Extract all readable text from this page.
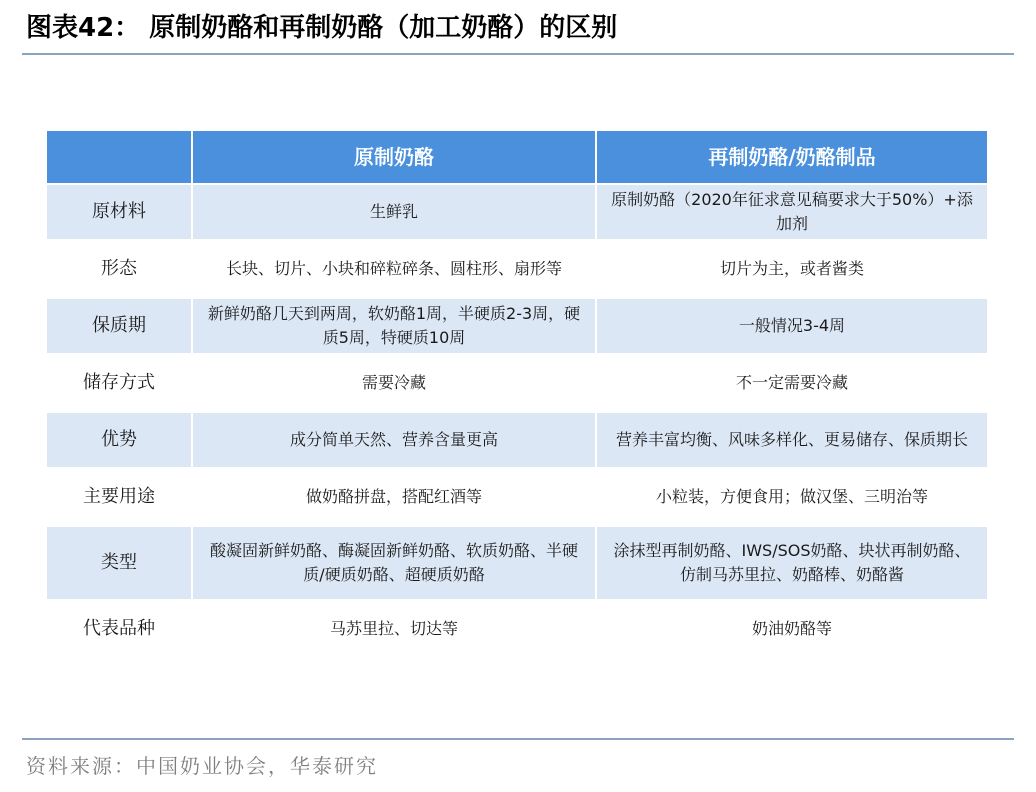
图表42： 原制奶酪和再制奶酪（加工奶酪）的区别
	原制奶酪	再制奶酪/奶酪制品
原材料	生鲜乳	原制奶酪（2020年征求意见稿要求大于50%）+添加剂
形态	长块、切片、小块和碎粒碎条、圆柱形、扇形等	切片为主，或者酱类
保质期	新鲜奶酪几天到两周，软奶酪1周，半硬质2-3周，硬质5周，特硬质10周	一般情况3-4周
储存方式	需要冷藏	不一定需要冷藏
优势	成分简单天然、营养含量更高	营养丰富均衡、风味多样化、更易储存、保质期长
主要用途	做奶酪拼盘，搭配红酒等	小粒装，方便食用；做汉堡、三明治等
类型	酸凝固新鲜奶酪、酶凝固新鲜奶酪、软质奶酪、半硬质/硬质奶酪、超硬质奶酪	涂抹型再制奶酪、IWS/SOS奶酪、块状再制奶酪、仿制马苏里拉、奶酪棒、奶酪酱
代表品种	马苏里拉、切达等	奶油奶酪等
资料来源：中国奶业协会，华泰研究
